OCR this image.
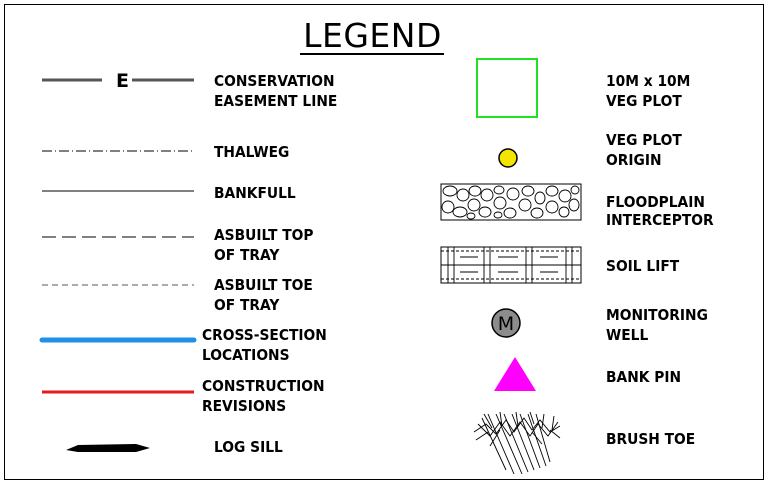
LEGEND
E	CONSERVATION
EASEMENT LINE
THALWEG
BANKFULL
ASBUILT TOP
OF TRAY
ASBUILT TOE
OF TRAY
CROSS-SECTION
LOCATIONS
CONSTRUCTION
REVISIONS
LOG SILL
M
10M x 10M
VEG PLOT
VEG PLOT
ORIGIN
FLOODPLAIN
INTERCEPTOR
SOIL LIFT
MONITORING
WELL
BANK PIN
BRUSH TOE
